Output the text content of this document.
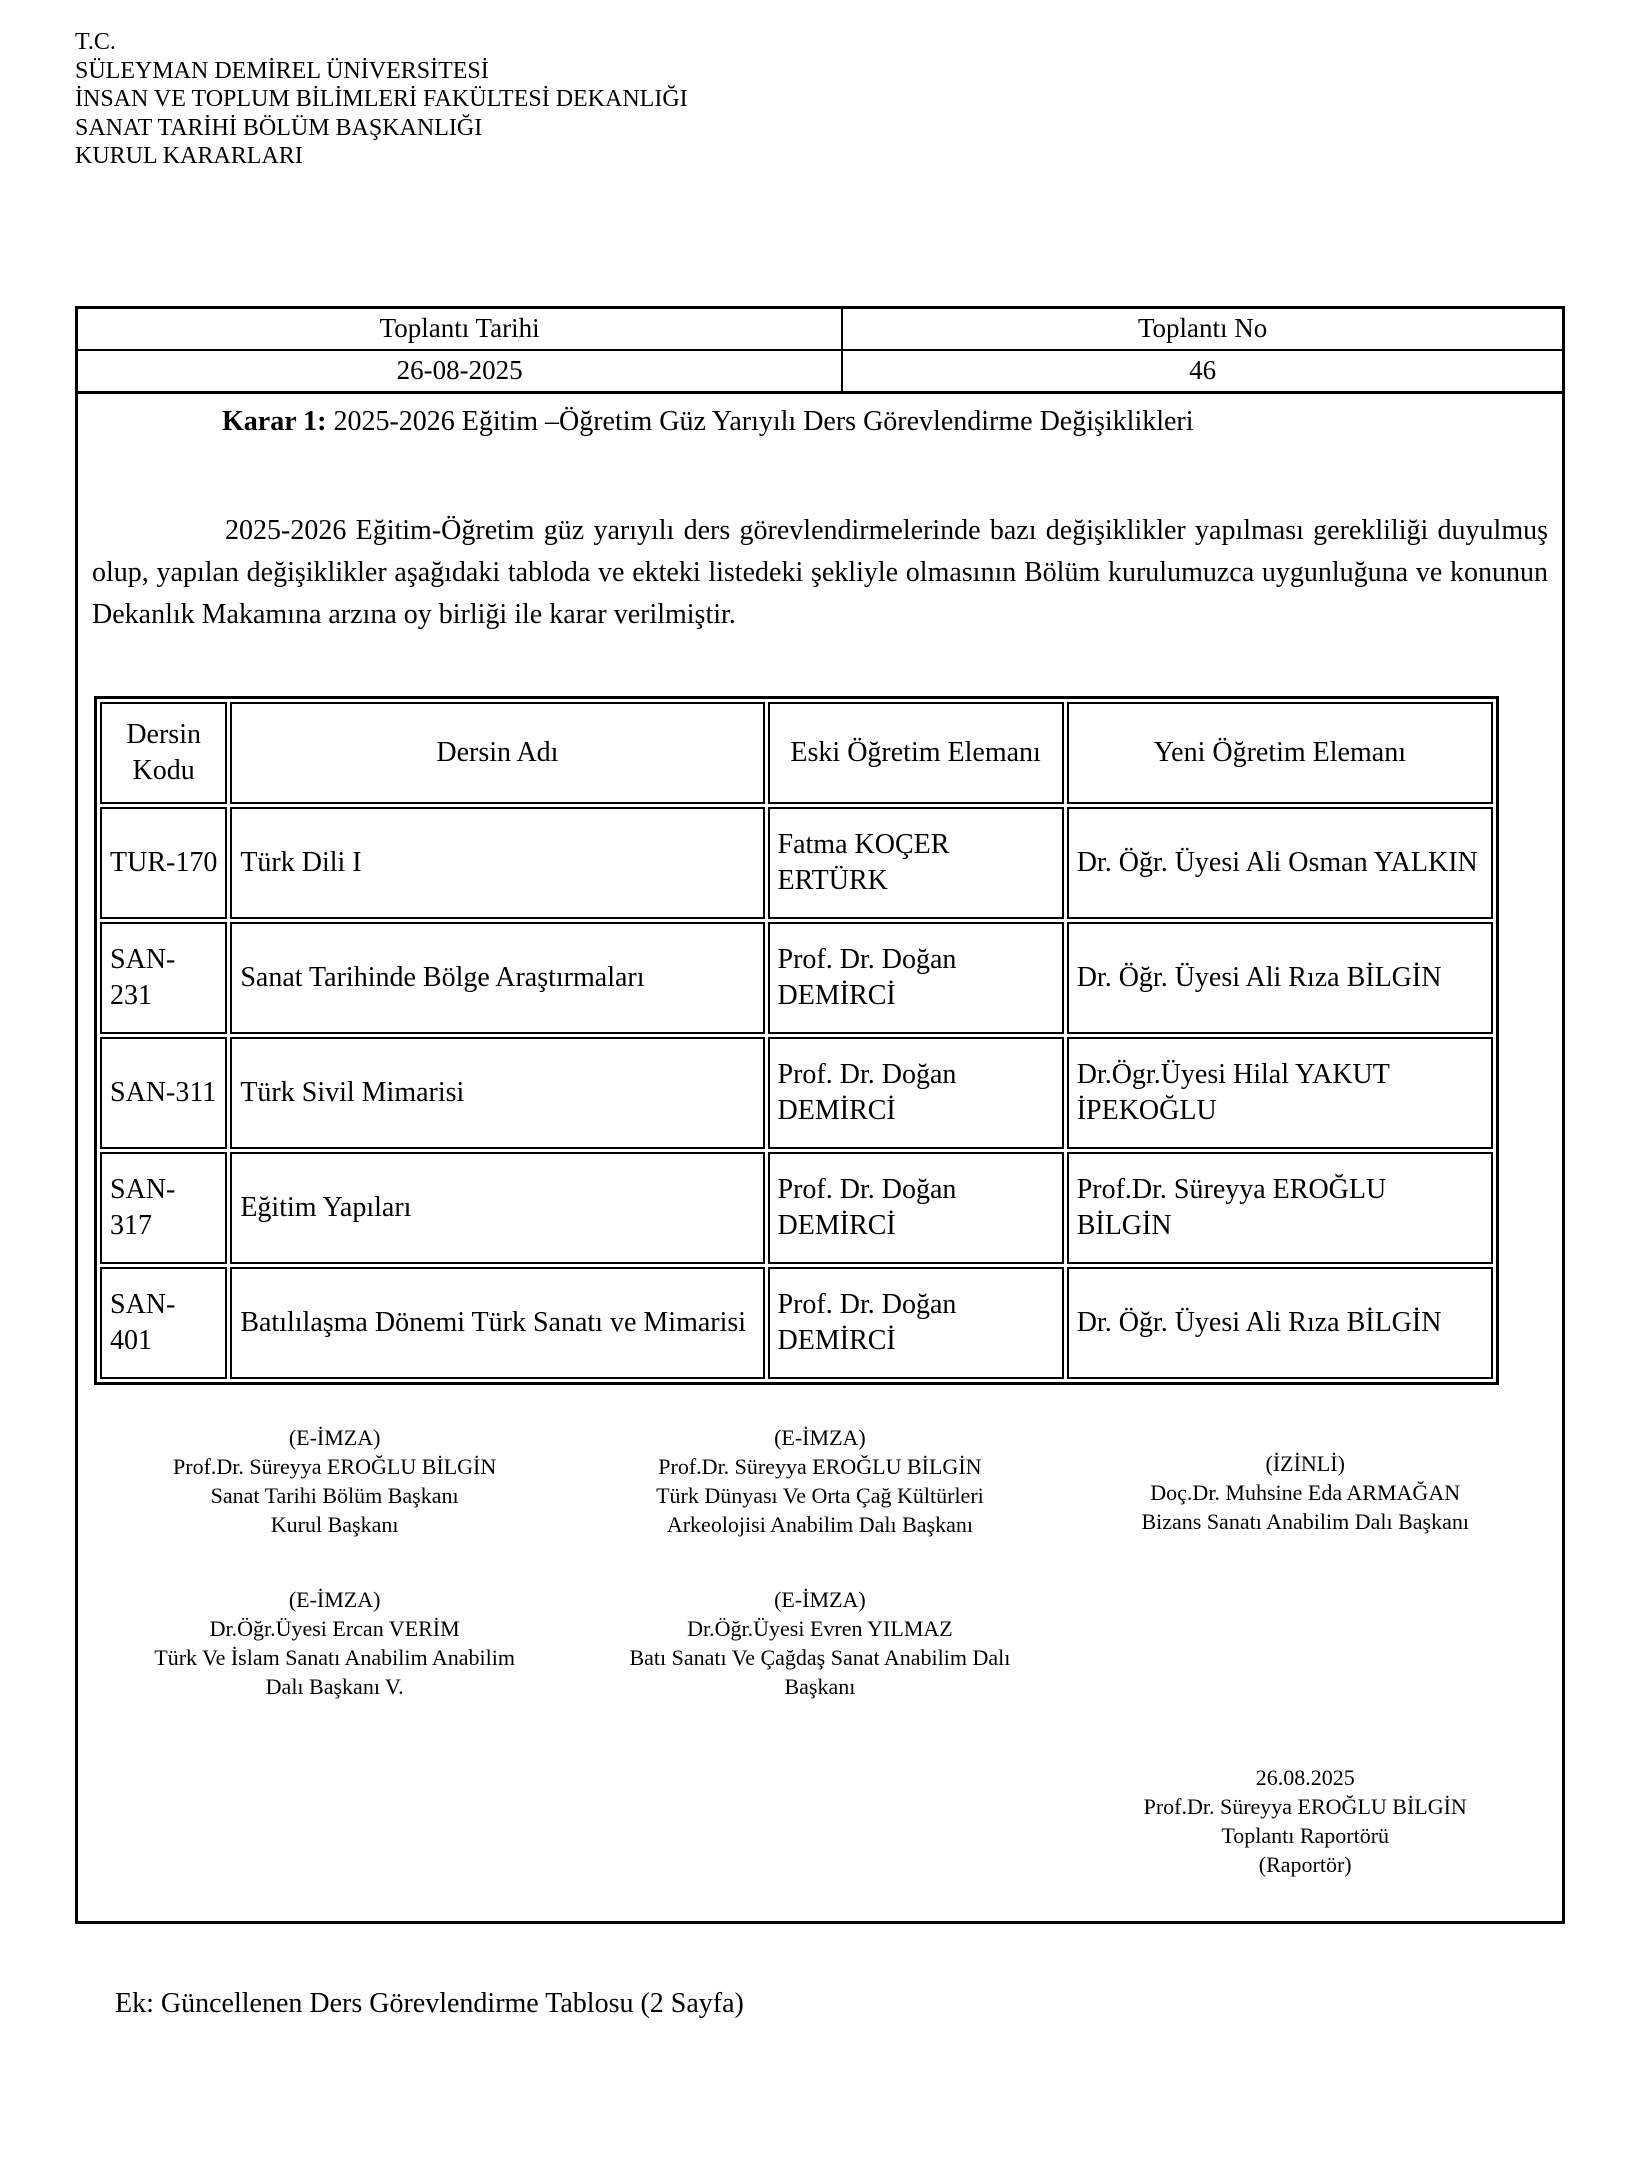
T.C.
SÜLEYMAN DEMİREL ÜNİVERSİTESİ
İNSAN VE TOPLUM BİLİMLERİ FAKÜLTESİ DEKANLIĞI
SANAT TARİHİ BÖLÜM BAŞKANLIĞI
KURUL KARARLARI
Toplantı Tarihi	Toplantı No
26-08-2025	46

Karar 1: 2025-2026 Eğitim –Öğretim Güz Yarıyılı Ders Görevlendirme Değişiklikleri

2025-2026 Eğitim-Öğretim güz yarıyılı ders görevlendirmelerinde bazı değişiklikler yapılması gerekliliği duyulmuş olup, yapılan değişiklikler aşağıdaki tabloda ve ekteki listedeki şekliyle olmasının Bölüm kurulumuzca uygunluğuna ve konunun Dekanlık Makamına arzına oy birliği ile karar verilmiştir.

Dersin Kodu	Dersin Adı	Eski Öğretim Elemanı	Yeni Öğretim Elemanı
TUR-170	Türk Dili I	Fatma KOÇER ERTÜRK	Dr. Öğr. Üyesi Ali Osman YALKIN
SAN-231	Sanat Tarihinde Bölge Araştırmaları	Prof. Dr. Doğan DEMİRCİ	Dr. Öğr. Üyesi Ali Rıza BİLGİN
SAN-311	Türk Sivil Mimarisi	Prof. Dr. Doğan DEMİRCİ	Dr.Ögr.Üyesi Hilal YAKUT İPEKOĞLU
SAN-317	Eğitim Yapıları	Prof. Dr. Doğan DEMİRCİ	Prof.Dr. Süreyya EROĞLU BİLGİN
SAN-401	Batılılaşma Dönemi Türk Sanatı ve Mimarisi	Prof. Dr. Doğan DEMİRCİ	Dr. Öğr. Üyesi Ali Rıza BİLGİN
(E-İMZA)
Prof.Dr. Süreyya EROĞLU BİLGİN
Sanat Tarihi Bölüm Başkanı
Kurul Başkanı
(E-İMZA)
Prof.Dr. Süreyya EROĞLU BİLGİN
Türk Dünyası Ve Orta Çağ Kültürleri
Arkeolojisi Anabilim Dalı Başkanı
(İZİNLİ)
Doç.Dr. Muhsine Eda ARMAĞAN
Bizans Sanatı Anabilim Dalı Başkanı
(E-İMZA)
Dr.Öğr.Üyesi Ercan VERİM
Türk Ve İslam Sanatı Anabilim Anabilim
Dalı Başkanı V.
(E-İMZA)
Dr.Öğr.Üyesi Evren YILMAZ
Batı Sanatı Ve Çağdaş Sanat Anabilim Dalı
Başkanı
26.08.2025
Prof.Dr. Süreyya EROĞLU BİLGİN
Toplantı Raportörü
(Raportör)

Ek: Güncellenen Ders Görevlendirme Tablosu (2 Sayfa)
